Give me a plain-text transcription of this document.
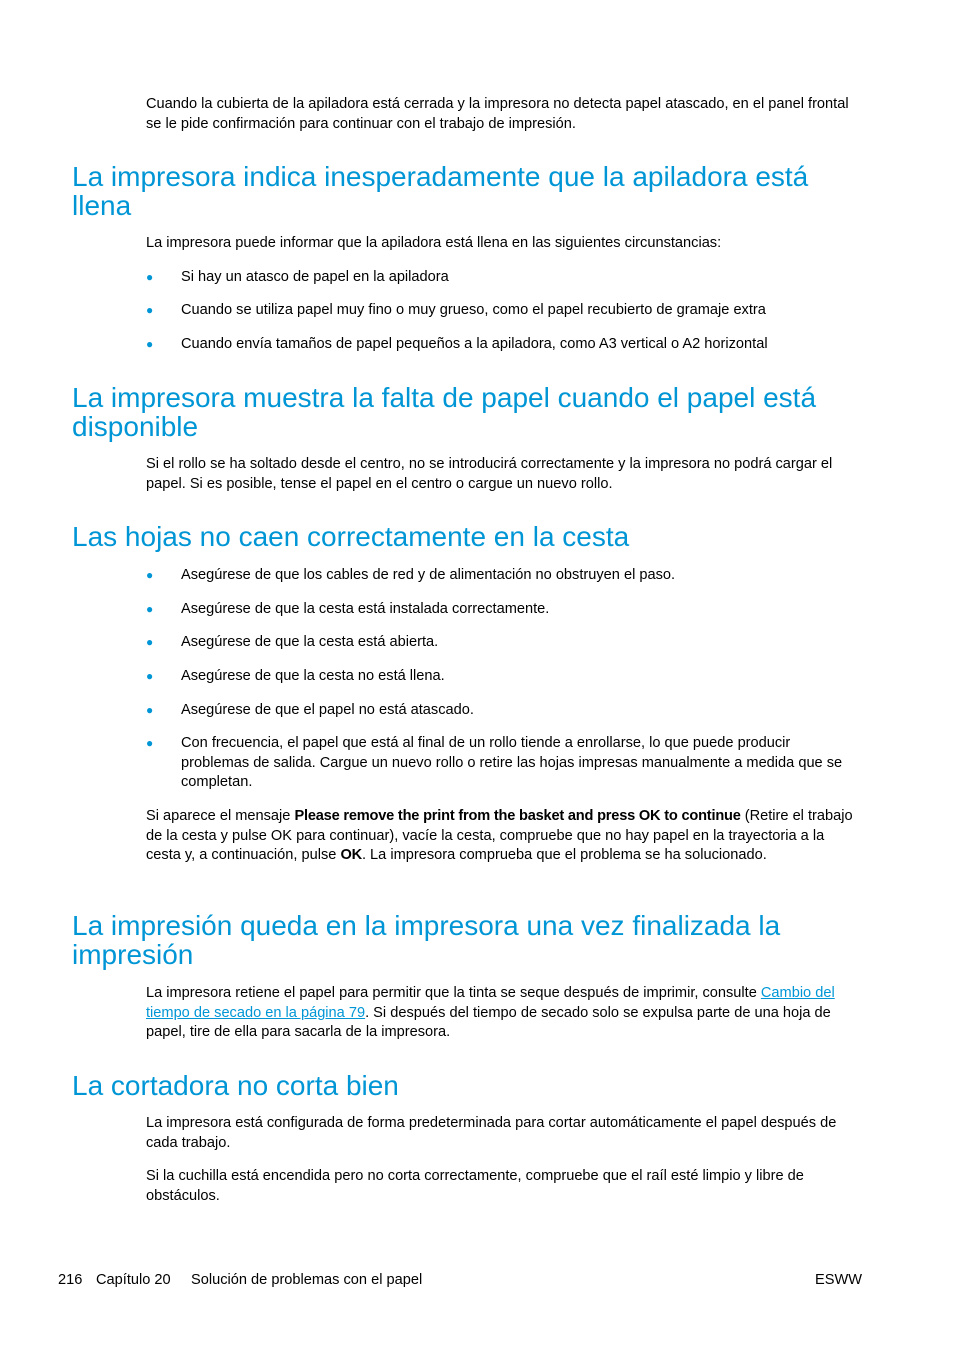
Cuando la cubierta de la apiladora está cerrada y la impresora no detecta papel atascado, en el panel frontal se le pide confirmación para continuar con el trabajo de impresión.

La impresora indica inesperadamente que la apiladora está llena

La impresora puede informar que la apiladora está llena en las siguientes circunstancias:

● Si hay un atasco de papel en la apiladora
● Cuando se utiliza papel muy fino o muy grueso, como el papel recubierto de gramaje extra
● Cuando envía tamaños de papel pequeños a la apiladora, como A3 vertical o A2 horizontal
La impresora muestra la falta de papel cuando el papel está disponible

Si el rollo se ha soltado desde el centro, no se introducirá correctamente y la impresora no podrá cargar el papel. Si es posible, tense el papel en el centro o cargue un nuevo rollo.

Las hojas no caen correctamente en la cesta
● Asegúrese de que los cables de red y de alimentación no obstruyen el paso.
● Asegúrese de que la cesta está instalada correctamente.
● Asegúrese de que la cesta está abierta.
● Asegúrese de que la cesta no está llena.
● Asegúrese de que el papel no está atascado.
● Con frecuencia, el papel que está al final de un rollo tiende a enrollarse, lo que puede producir problemas de salida. Cargue un nuevo rollo o retire las hojas impresas manualmente a medida que se completan.

Si aparece el mensaje Please remove the print from the basket and press OK to continue (Retire el trabajo de la cesta y pulse OK para continuar), vacíe la cesta, compruebe que no hay papel en la trayectoria a la cesta y, a continuación, pulse OK. La impresora comprueba que el problema se ha solucionado.

La impresión queda en la impresora una vez finalizada la impresión

La impresora retiene el papel para permitir que la tinta se seque después de imprimir, consulte Cambio del tiempo de secado en la página 79. Si después del tiempo de secado solo se expulsa parte de una hoja de papel, tire de ella para sacarla de la impresora.

La cortadora no corta bien

La impresora está configurada de forma predeterminada para cortar automáticamente el papel después de cada trabajo.

Si la cuchilla está encendida pero no corta correctamente, compruebe que el raíl esté limpio y libre de obstáculos.

216 Capítulo 20 Solución de problemas con el papel	ESWW
